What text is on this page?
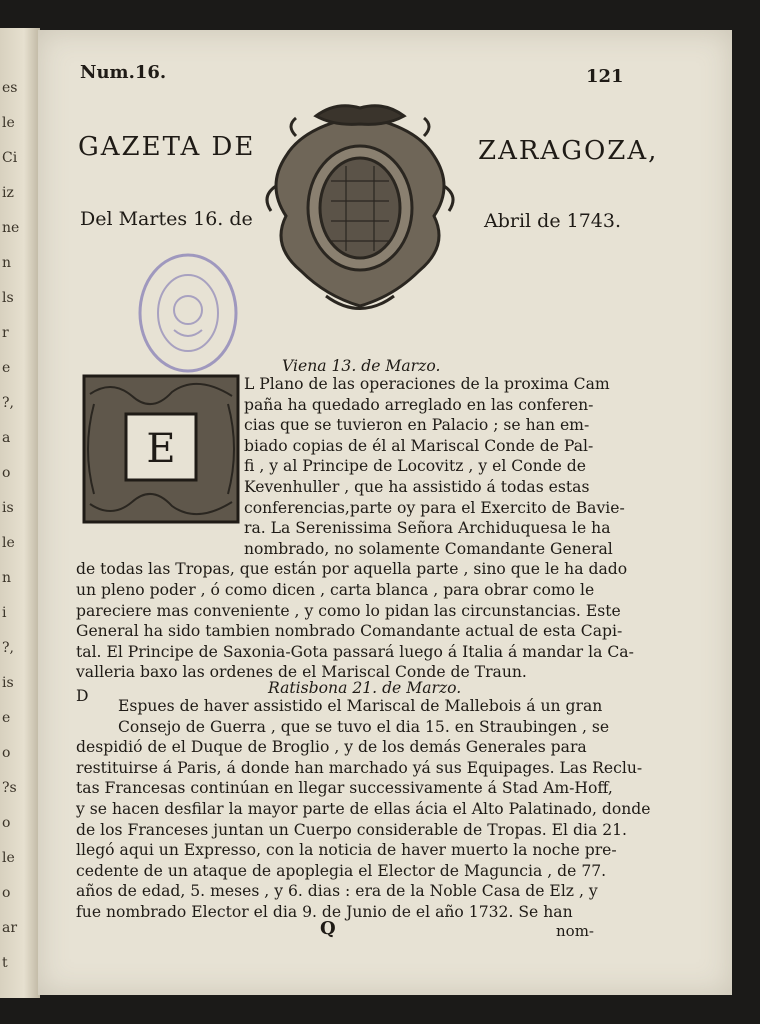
es
le
Ci
iz
ne
n
ls
r
e
?,
a
o
is
le
n
i
?,
is
e
o
?s
o
le
o
ar
t
Num.16.	121
GAZETA DE	ZARAGOZA,
Del Martes 16. de	Abril de 1743.
E
Viena 13. de Marzo.
L Plano de las operaciones de la proxima Cam
paña ha quedado arreglado en las conferen-
cias que se tuvieron en Palacio ; se han em-
biado copias de él al Mariscal Conde de Pal-
fi , y al Principe de Locovitz , y el Conde de
Kevenhuller , que ha assistido á todas estas
conferencias,parte oy para el Exercito de Bavie-
ra. La Serenissima Señora Archiduquesa le ha
nombrado, no solamente Comandante General
de todas las Tropas, que están por aquella parte , sino que le ha dado
un pleno poder , ó como dicen , carta blanca , para obrar como le
pareciere mas conveniente , y como lo pidan las circunstancias. Este
General ha sido tambien nombrado Comandante actual de esta Capi-
tal. El Principe de Saxonia-Gota passará luego á Italia á mandar la Ca-
valleria baxo las ordenes de el Mariscal Conde de Traun.
Ratisbona 21. de Marzo.
D
Espues de haver assistido el Mariscal de Mallebois á un gran
Consejo de Guerra , que se tuvo el dia 15. en Straubingen , se
despidió de el Duque de Broglio , y de los demás Generales para
restituirse á Paris, á donde han marchado yá sus Equipages. Las Reclu-
tas Francesas continúan en llegar successivamente á Stad Am-Hoff,
y se hacen desfilar la mayor parte de ellas ácia el Alto Palatinado, donde
de los Franceses juntan un Cuerpo considerable de Tropas. El dia 21.
llegó aqui un Expresso, con la noticia de haver muerto la noche pre-
cedente de un ataque de apoplegia el Elector de Maguncia , de 77.
años de edad, 5. meses , y 6. dias : era de la Noble Casa de Elz , y
fue nombrado Elector el dia 9. de Junio de el año 1732. Se han
Q	nom-
